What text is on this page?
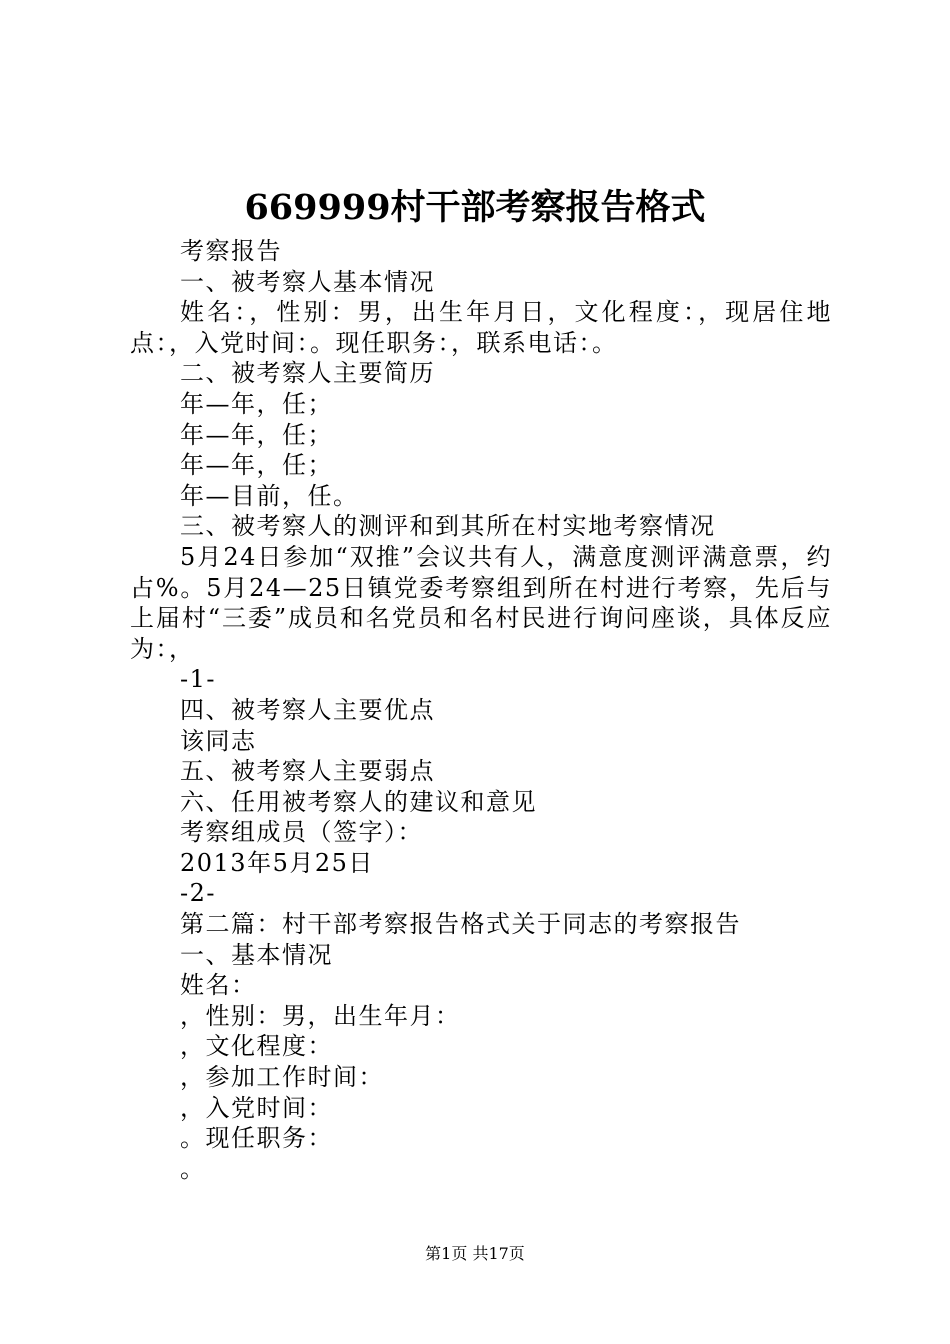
669999村干部考察报告格式

考察报告

一、被考察人基本情况

姓名：，性别：男，出生年月日，文化程度：，现居住地点：，入党时间：。现任职务：，联系电话：。

二、被考察人主要简历

年—年，任；

年—年，任；

年—年，任；

年—目前，任。

三、被考察人的测评和到其所在村实地考察情况

5月24日参加“双推”会议共有人，满意度测评满意票，约占%。5月24—25日镇党委考察组到所在村进行考察，先后与上届村“三委”成员和名党员和名村民进行询问座谈，具体反应为：，

-1-

四、被考察人主要优点

该同志

五、被考察人主要弱点

六、任用被考察人的建议和意见

考察组成员（签字）：

2013年5月25日

-2-

第二篇：村干部考察报告格式关于同志的考察报告

一、基本情况

姓名：

，性别：男，出生年月：

，文化程度：

，参加工作时间：

，入党时间：

。现任职务：

。

第1页 共17页
